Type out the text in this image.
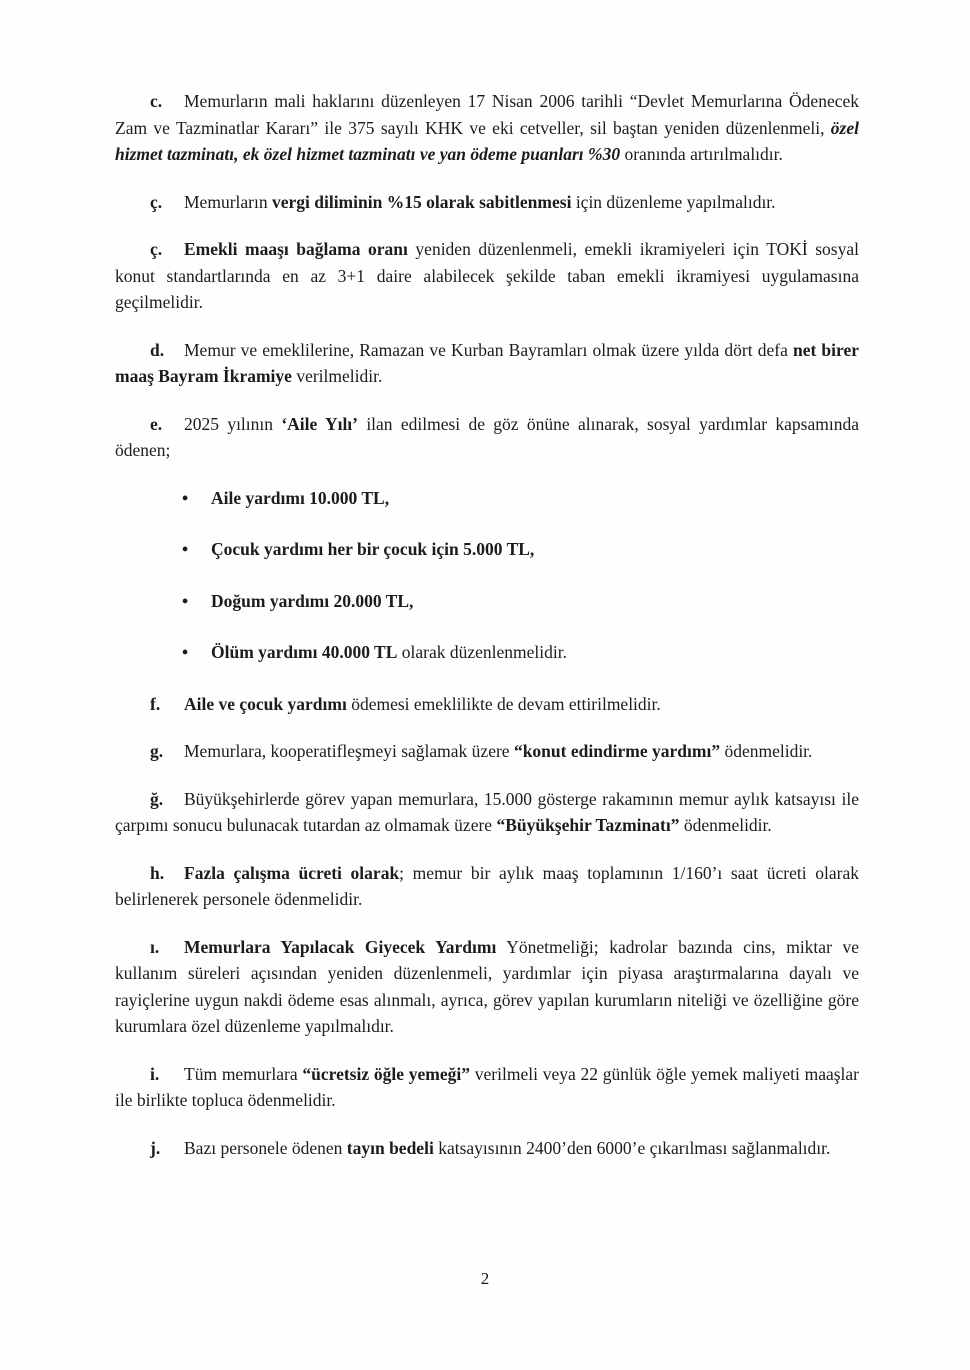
c. Memurların mali haklarını düzenleyen 17 Nisan 2006 tarihli “Devlet Memurlarına Ödenecek Zam ve Tazminatlar Kararı” ile 375 sayılı KHK ve eki cetveller, sil baştan yeniden düzenlenmeli, özel hizmet tazminatı, ek özel hizmet tazminatı ve yan ödeme puanları %30 oranında artırılmalıdır.

ç. Memurların vergi diliminin %15 olarak sabitlenmesi için düzenleme yapılmalıdır.

ç. Emekli maaşı bağlama oranı yeniden düzenlenmeli, emekli ikramiyeleri için TOKİ sosyal konut standartlarında en az 3+1 daire alabilecek şekilde taban emekli ikramiyesi uygulamasına geçilmelidir.

d. Memur ve emeklilerine, Ramazan ve Kurban Bayramları olmak üzere yılda dört defa net birer maaş Bayram İkramiye verilmelidir.

e. 2025 yılının ‘Aile Yılı’ ilan edilmesi de göz önüne alınarak, sosyal yardımlar kapsamında ödenen;

• Aile yardımı 10.000 TL,
• Çocuk yardımı her bir çocuk için 5.000 TL,
• Doğum yardımı 20.000 TL,
• Ölüm yardımı 40.000 TL olarak düzenlenmelidir.

f. Aile ve çocuk yardımı ödemesi emeklilikte de devam ettirilmelidir.

g. Memurlara, kooperatifleşmeyi sağlamak üzere “konut edindirme yardımı” ödenmelidir.

ğ. Büyükşehirlerde görev yapan memurlara, 15.000 gösterge rakamının memur aylık katsayısı ile çarpımı sonucu bulunacak tutardan az olmamak üzere “Büyükşehir Tazminatı” ödenmelidir.

h. Fazla çalışma ücreti olarak; memur bir aylık maaş toplamının 1/160’ı saat ücreti olarak belirlenerek personele ödenmelidir.

ı. Memurlara Yapılacak Giyecek Yardımı Yönetmeliği; kadrolar bazında cins, miktar ve kullanım süreleri açısından yeniden düzenlenmeli, yardımlar için piyasa araştırmalarına dayalı ve rayiçlerine uygun nakdi ödeme esas alınmalı, ayrıca, görev yapılan kurumların niteliği ve özelliğine göre kurumlara özel düzenleme yapılmalıdır.

i. Tüm memurlara “ücretsiz öğle yemeği” verilmeli veya 22 günlük öğle yemek maliyeti maaşlar ile birlikte topluca ödenmelidir.

j. Bazı personele ödenen tayın bedeli katsayısının 2400’den 6000’e çıkarılması sağlanmalıdır.

2
